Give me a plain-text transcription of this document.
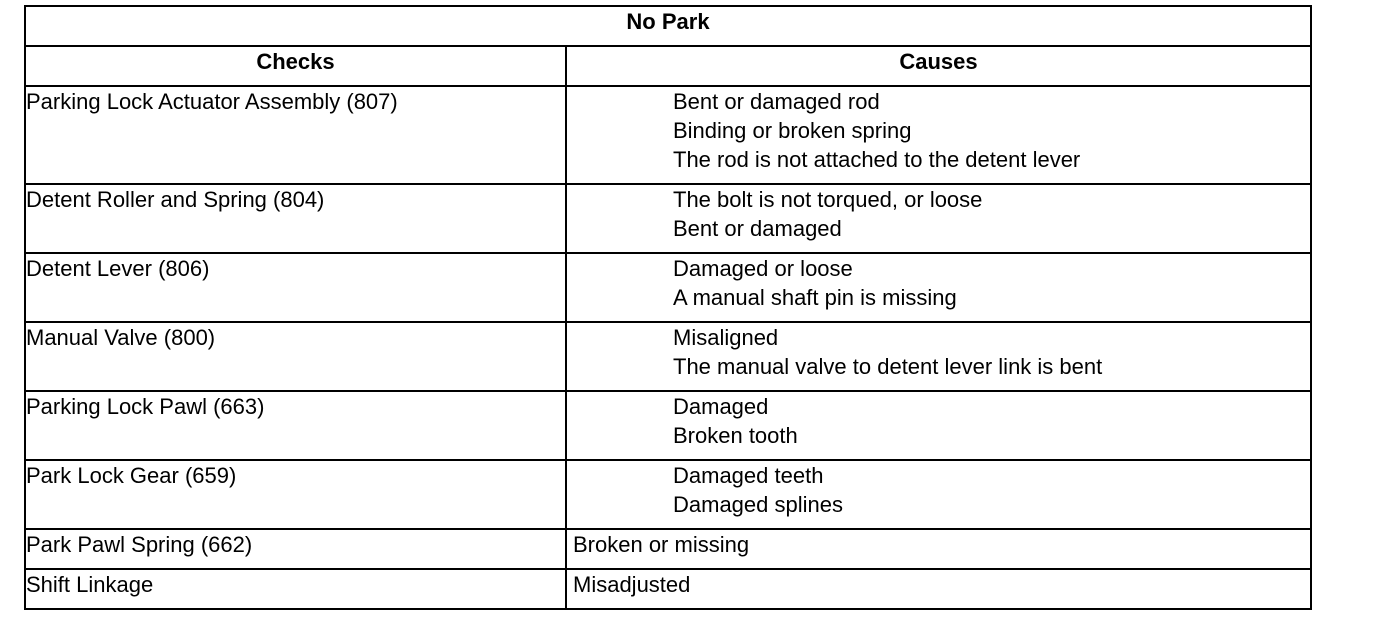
No Park	
Checks	Causes
Parking Lock Actuator Assembly (807)	Bent or damaged rod
Binding or broken spring
The rod is not attached to the detent lever

Detent Roller and Spring (804)	The bolt is not torqued, or loose
Bent or damaged

Detent Lever (806)	Damaged or loose
A manual shaft pin is missing

Manual Valve (800)	Misaligned
The manual valve to detent lever link is bent

Parking Lock Pawl (663)	Damaged
Broken tooth

Park Lock Gear (659)	Damaged teeth
Damaged splines

Park Pawl Spring (662)	Broken or missing

Shift Linkage	Misadjusted
